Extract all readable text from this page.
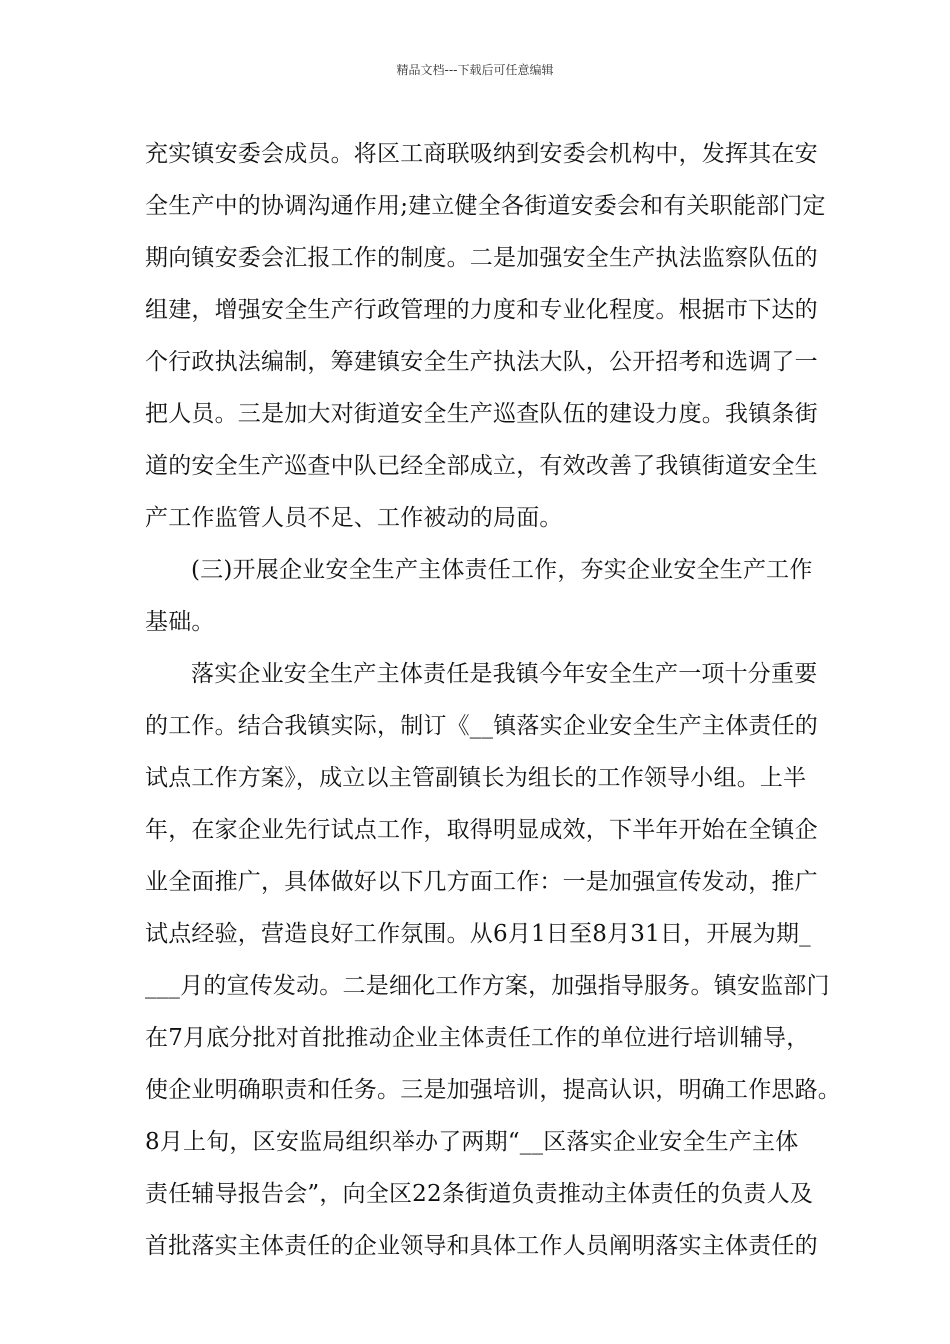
精品文档---下载后可任意编辑
充实镇安委会成员。将区工商联吸纳到安委会机构中，发挥其在安
全生产中的协调沟通作用;建立健全各街道安委会和有关职能部门定
期向镇安委会汇报工作的制度。二是加强安全生产执法监察队伍的
组建，增强安全生产行政管理的力度和专业化程度。根据市下达的
个行政执法编制，筹建镇安全生产执法大队，公开招考和选调了一
把人员。三是加大对街道安全生产巡查队伍的建设力度。我镇条街
道的安全生产巡查中队已经全部成立，有效改善了我镇街道安全生
产工作监管人员不足、工作被动的局面。
(三)开展企业安全生产主体责任工作，夯实企业安全生产工作
基础。
落实企业安全生产主体责任是我镇今年安全生产一项十分重要
的工作。结合我镇实际，制订《__镇落实企业安全生产主体责任的
试点工作方案》，成立以主管副镇长为组长的工作领导小组。上半
年，在家企业先行试点工作，取得明显成效，下半年开始在全镇企
业全面推广，具体做好以下几方面工作：一是加强宣传发动，推广
试点经验，营造良好工作氛围。从6月1日至8月31日，开展为期_
___月的宣传发动。二是细化工作方案，加强指导服务。镇安监部门
在7月底分批对首批推动企业主体责任工作的单位进行培训辅导，
使企业明确职责和任务。三是加强培训，提高认识，明确工作思路。
8月上旬，区安监局组织举办了两期“__区落实企业安全生产主体
责任辅导报告会”，向全区22条街道负责推动主体责任的负责人及
首批落实主体责任的企业领导和具体工作人员阐明落实主体责任的
